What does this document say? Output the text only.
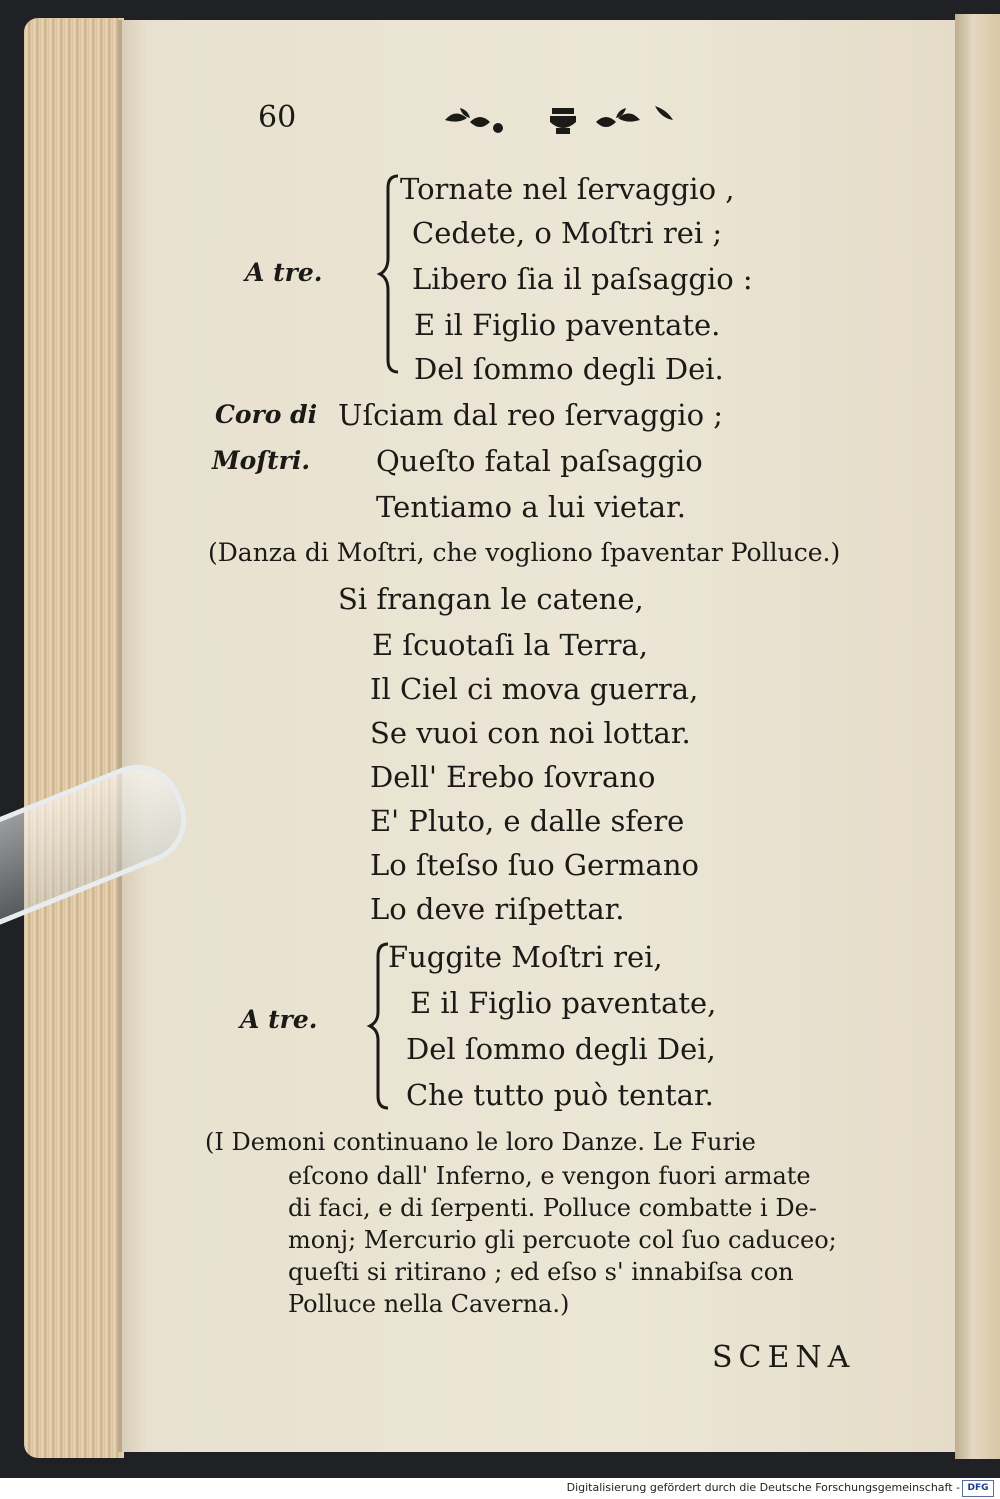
60
A tre.
Tornate nel ſervaggio ,
Cedete, o Moſtri rei ;
Libero ſia il paſsaggio :
E il Figlio paventate.
Del ſommo degli Dei.
Coro di
Moſtri.
Uſciam dal reo ſervaggio ;
Queſto fatal paſsaggio
Tentiamo a lui vietar.
(Danza di Moſtri, che vogliono ſpaventar Polluce.)
Si frangan le catene,
E ſcuotaſi la Terra,
Il Ciel ci mova guerra,
Se vuoi con noi lottar.
Dell' Erebo ſovrano
E' Pluto, e dalle sfere
Lo ſteſso ſuo Germano
Lo deve riſpettar.
A tre.
Fuggite Moſtri rei,
E il Figlio paventate,
Del ſommo degli Dei,
Che tutto può tentar.
(I Demoni continuano le loro Danze. Le Furie
eſcono dall' Inferno, e vengon fuori armate
di faci, e di ſerpenti. Polluce combatte i De-
monj; Mercurio gli percuote col ſuo caduceo;
queſti si ritirano ; ed eſso s' innabiſsa con
Polluce nella Caverna.)
SCENA
Digitalisierung gefördert durch die Deutsche Forschungsgemeinschaft - DFG
